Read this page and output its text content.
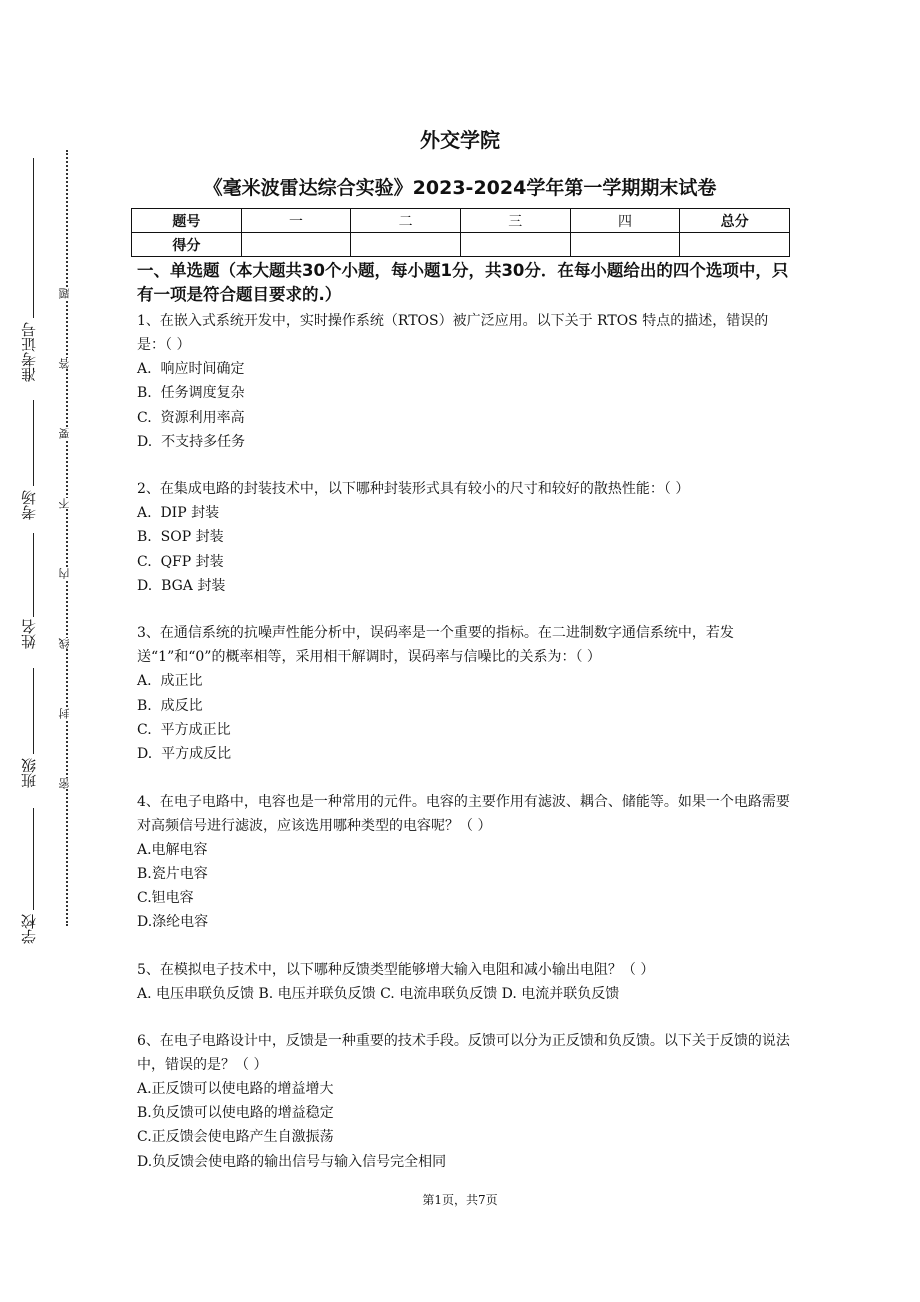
准考证号
考场
姓名
班级
学校
题
答
要
不
内
线
封
密
外交学院
《毫米波雷达综合实验》2023-2024学年第一学期期末试卷
题号	一	二	三	四	总分
得分					

一、单选题（本大题共30个小题，每小题1分，共30分．在每小题给出的四个选项中，只有一项是符合题目要求的.）

1、在嵌入式系统开发中，实时操作系统（RTOS）被广泛应用。以下关于 RTOS 特点的描述，错误的是：（ ）

A.  响应时间确定

B.  任务调度复杂

C.  资源利用率高

D.  不支持多任务

2、在集成电路的封装技术中，以下哪种封装形式具有较小的尺寸和较好的散热性能：（ ）

A.  DIP 封装

B.  SOP 封装

C.  QFP 封装

D.  BGA 封装

3、在通信系统的抗噪声性能分析中，误码率是一个重要的指标。在二进制数字通信系统中，若发送“1”和“0”的概率相等，采用相干解调时，误码率与信噪比的关系为：（ ）

A.  成正比

B.  成反比

C.  平方成正比

D.  平方成反比

4、在电子电路中，电容也是一种常用的元件。电容的主要作用有滤波、耦合、储能等。如果一个电路需要对高频信号进行滤波，应该选用哪种类型的电容呢？（ ）

A.电解电容

B.瓷片电容

C.钽电容

D.涤纶电容

5、在模拟电子技术中，以下哪种反馈类型能够增大输入电阻和减小输出电阻？（ ）

A. 电压串联负反馈 B. 电压并联负反馈 C. 电流串联负反馈 D. 电流并联负反馈

6、在电子电路设计中，反馈是一种重要的技术手段。反馈可以分为正反馈和负反馈。以下关于反馈的说法中，错误的是？（ ）

A.正反馈可以使电路的增益增大

B.负反馈可以使电路的增益稳定

C.正反馈会使电路产生自激振荡

D.负反馈会使电路的输出信号与输入信号完全相同

第1页，共7页
